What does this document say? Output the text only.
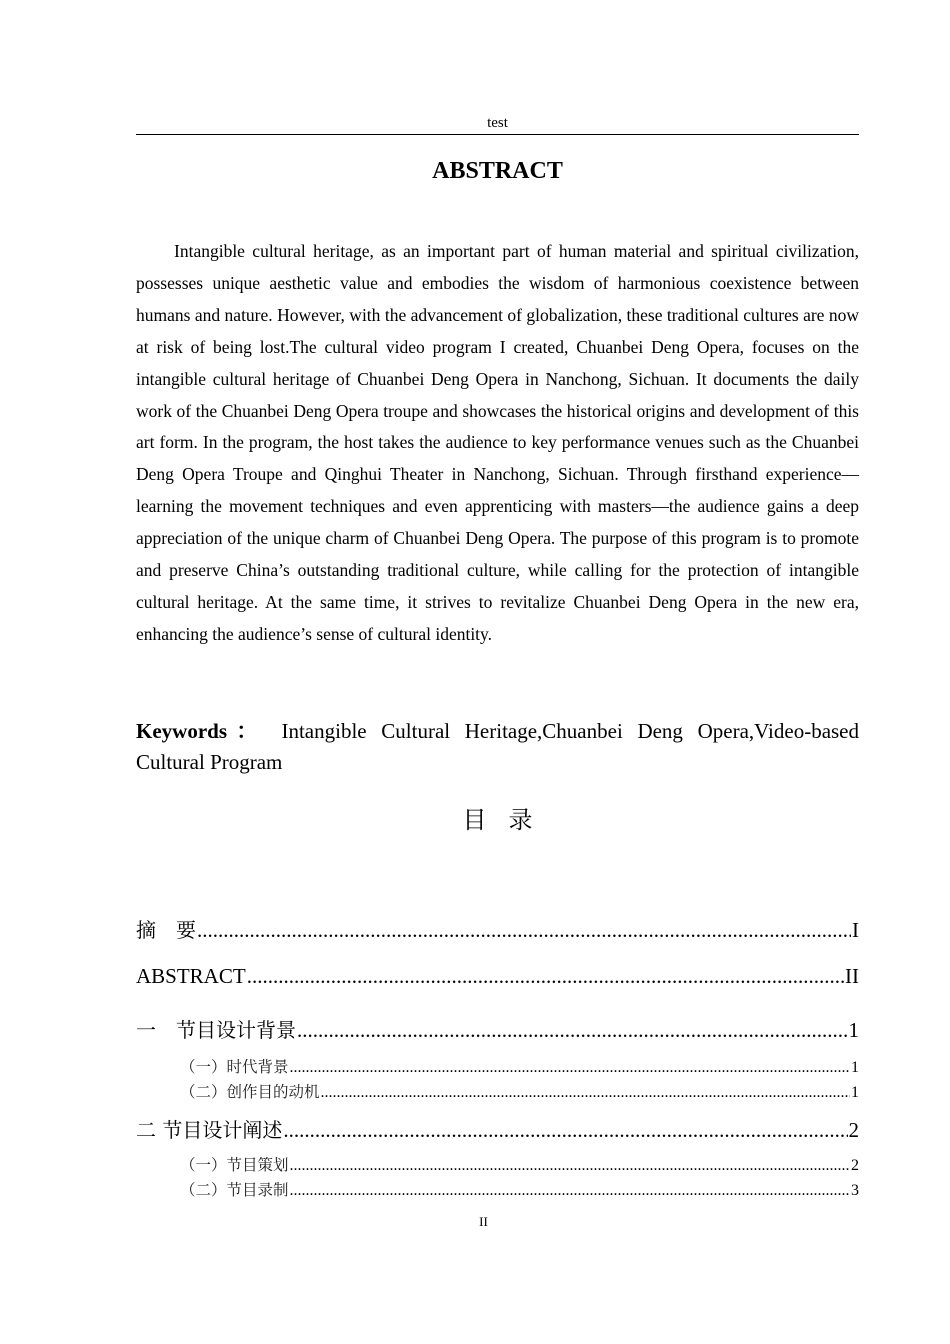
test
ABSTRACT
Intangible cultural heritage, as an important part of human material and spiritual civilization, possesses unique aesthetic value and embodies the wisdom of harmonious coexistence between humans and nature. However, with the advancement of globalization, these traditional cultures are now at risk of being lost.The cultural video program I created, Chuanbei Deng Opera, focuses on the intangible cultural heritage of Chuanbei Deng Opera in Nanchong, Sichuan. It documents the daily work of the Chuanbei Deng Opera troupe and showcases the historical origins and development of this art form. In the program, the host takes the audience to key performance venues such as the Chuanbei Deng Opera Troupe and Qinghui Theater in Nanchong, Sichuan. Through firsthand experience—learning the movement techniques and even apprenticing with masters—the audience gains a deep appreciation of the unique charm of Chuanbei Deng Opera. The purpose of this program is to promote and preserve China’s outstanding traditional culture, while calling for the protection of intangible cultural heritage. At the same time, it strives to revitalize Chuanbei Deng Opera in the new era, enhancing the audience’s sense of cultural identity.
Keywords： Intangible Cultural Heritage,Chuanbei Deng Opera,Video-based Cultural Program
目录
摘　要 .....	I
ABSTRACT .....	II
一　节目设计背景 .....	1
（一）时代背景 .....	1
（二）创作目的动机 .....	1
二 节目设计阐述 .....	2
（一）节目策划 .....	2
（二）节目录制 .....	3
II
